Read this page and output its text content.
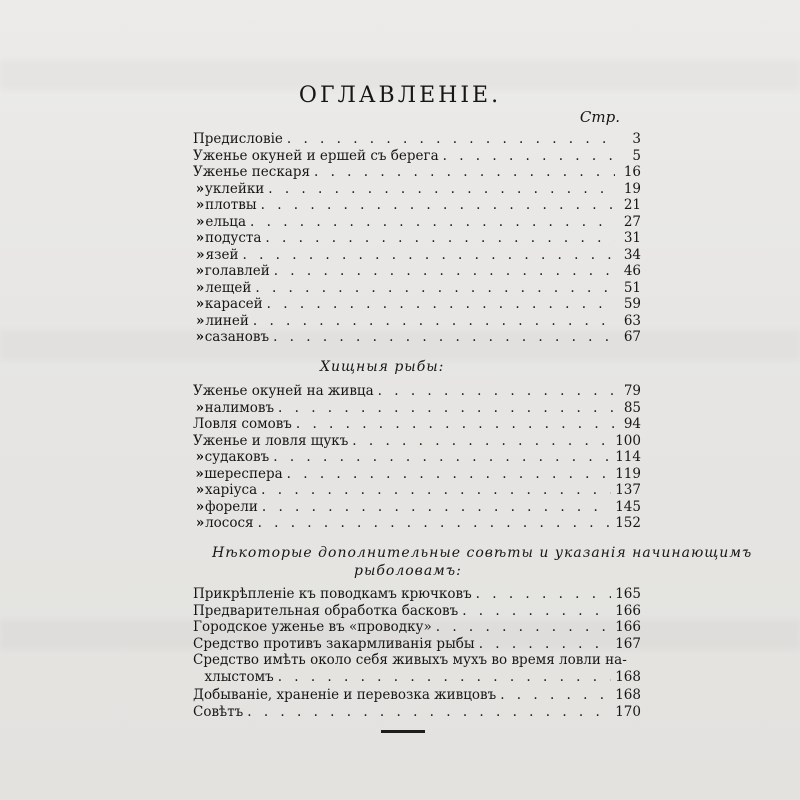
ОГЛАВЛЕНІЕ.
Стр.
Предисловіе . . .	3
Уженье окуней и ершей съ берега . . .	5
Уженье пескаря . . .	16
» уклейки . . .	19
» плотвы . . .	21
» ельца . . .	27
» подуста . . .	31
» язей . . .	34
» голавлей . . .	46
» лещей . . .	51
» карасей . . .	59
» линей . . .	63
» сазановъ . . .	67
Хищныя рыбы:
Уженье окуней на живца . . .	79
» налимовъ . . .	85
Ловля сомовъ . . .	94
Уженье и ловля щукъ . . .	100
» судаковъ . . .	114
» шереспера . . .	119
» харіуса . . .	137
» форели . . .	145
» лосося . . .	152
Нѣкоторые дополнительные совѣты и указанія начинающимъ
рыболовамъ:
Прикрѣпленіе къ поводкамъ крючковъ . . .	165
Предварительная обработка басковъ . . .	166
Городское уженье въ «проводку» . . .	166
Средство противъ закармливанія рыбы . . .	167
Средство имѣть около себя живыхъ мухъ во время ловли на-
хлыстомъ . . .	168
Добываніе, храненіе и перевозка живцовъ . . .	168
Совѣтъ . . .	170
